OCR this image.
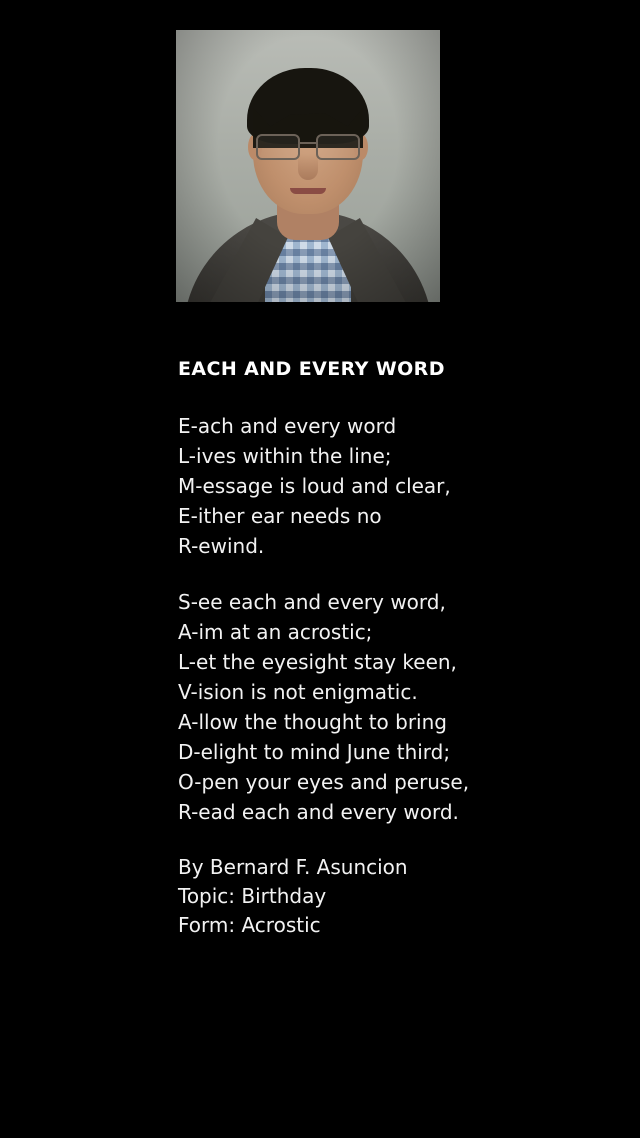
EACH AND EVERY WORD
E-ach and every word
L-ives within the line;
M-essage is loud and clear,
E-ither ear needs no
R-ewind.
S-ee each and every word,
A-im at an acrostic;
L-et the eyesight stay keen,
V-ision is not enigmatic.
A-llow the thought to bring
D-elight to mind June third;
O-pen your eyes and peruse,
R-ead each and every word.
By Bernard F. Asuncion
Topic: Birthday
Form: Acrostic
